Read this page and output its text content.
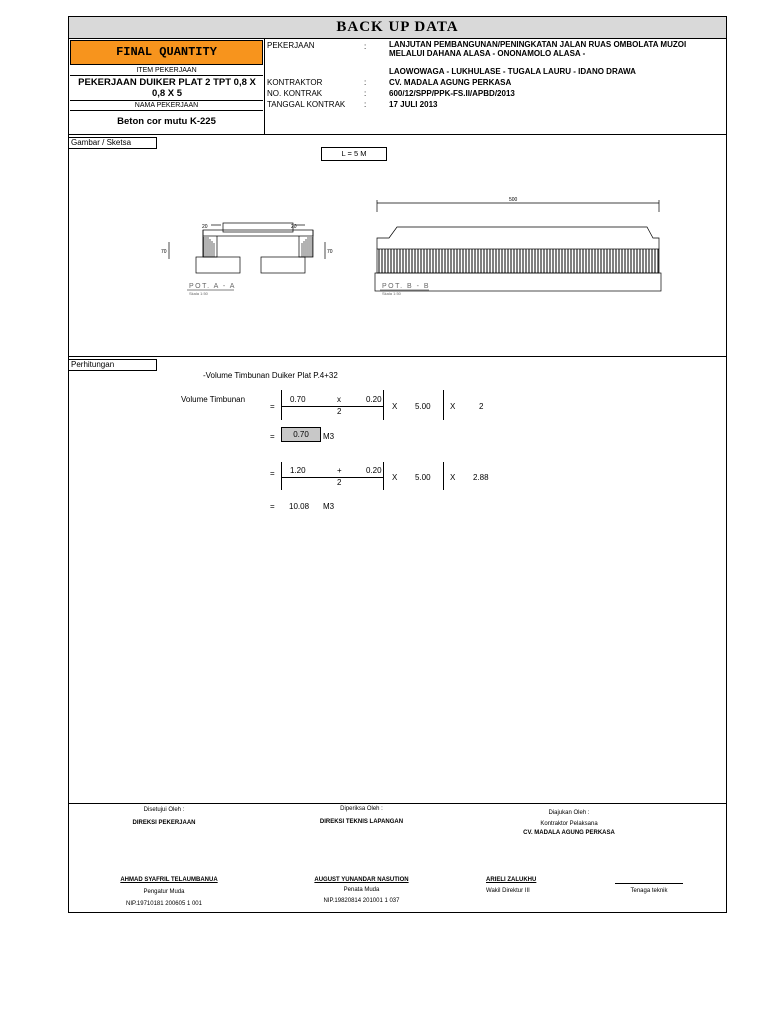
BACK UP DATA
FINAL QUANTITY
ITEM PEKERJAAN
PEKERJAAN DUIKER PLAT 2 TPT 0,8 X 0,8 X 5
NAMA PEKERJAAN
Beton cor mutu K-225
PEKERJAAN	:	LANJUTAN PEMBANGUNAN/PENINGKATAN JALAN RUAS OMBOLATA MUZOI MELALUI DAHANA ALASA - ONONAMOLO ALASA -
LAOWOWAGA - LUKHULASE - TUGALA LAURU - IDANO DRAWA
KONTRAKTOR	:	CV. MADALA AGUNG PERKASA
NO. KONTRAK	:	600/12/SPP/PPK-FS.II/APBD/2013
TANGGAL KONTRAK :	17 JULI 2013
Gambar / Sketsa
L = 5 M
70	70
20	20
POT. A - A
Skala 1:50
500
POT. B - B
Skala 1:50
Perhitungan
-Volume Timbunan Duiker Plat P.4+32
Volume Timbunan
=
0.70	x	0.20
2
X 5.00 X	2
=	0.70	M3
= 1.20	+	0.20
2
X 5.00 X 2.88
= 10.08 M3
Disetujui Oleh :
DIREKSI PEKERJAAN
AHMAD SYAFRIL TELAUMBANUA
Pengatur Muda
NIP.19710181 200605 1 001
Diperiksa Oleh :
DIREKSI TEKNIS LAPANGAN
AUGUST YUNANDAR NASUTION
Penata Muda
NIP.19820814 201001 1 037
Diajukan Oleh :
Kontraktor Pelaksana
CV. MADALA AGUNG PERKASA
ARIELI ZALUKHU
Wakil Direktur III	Tenaga teknik
